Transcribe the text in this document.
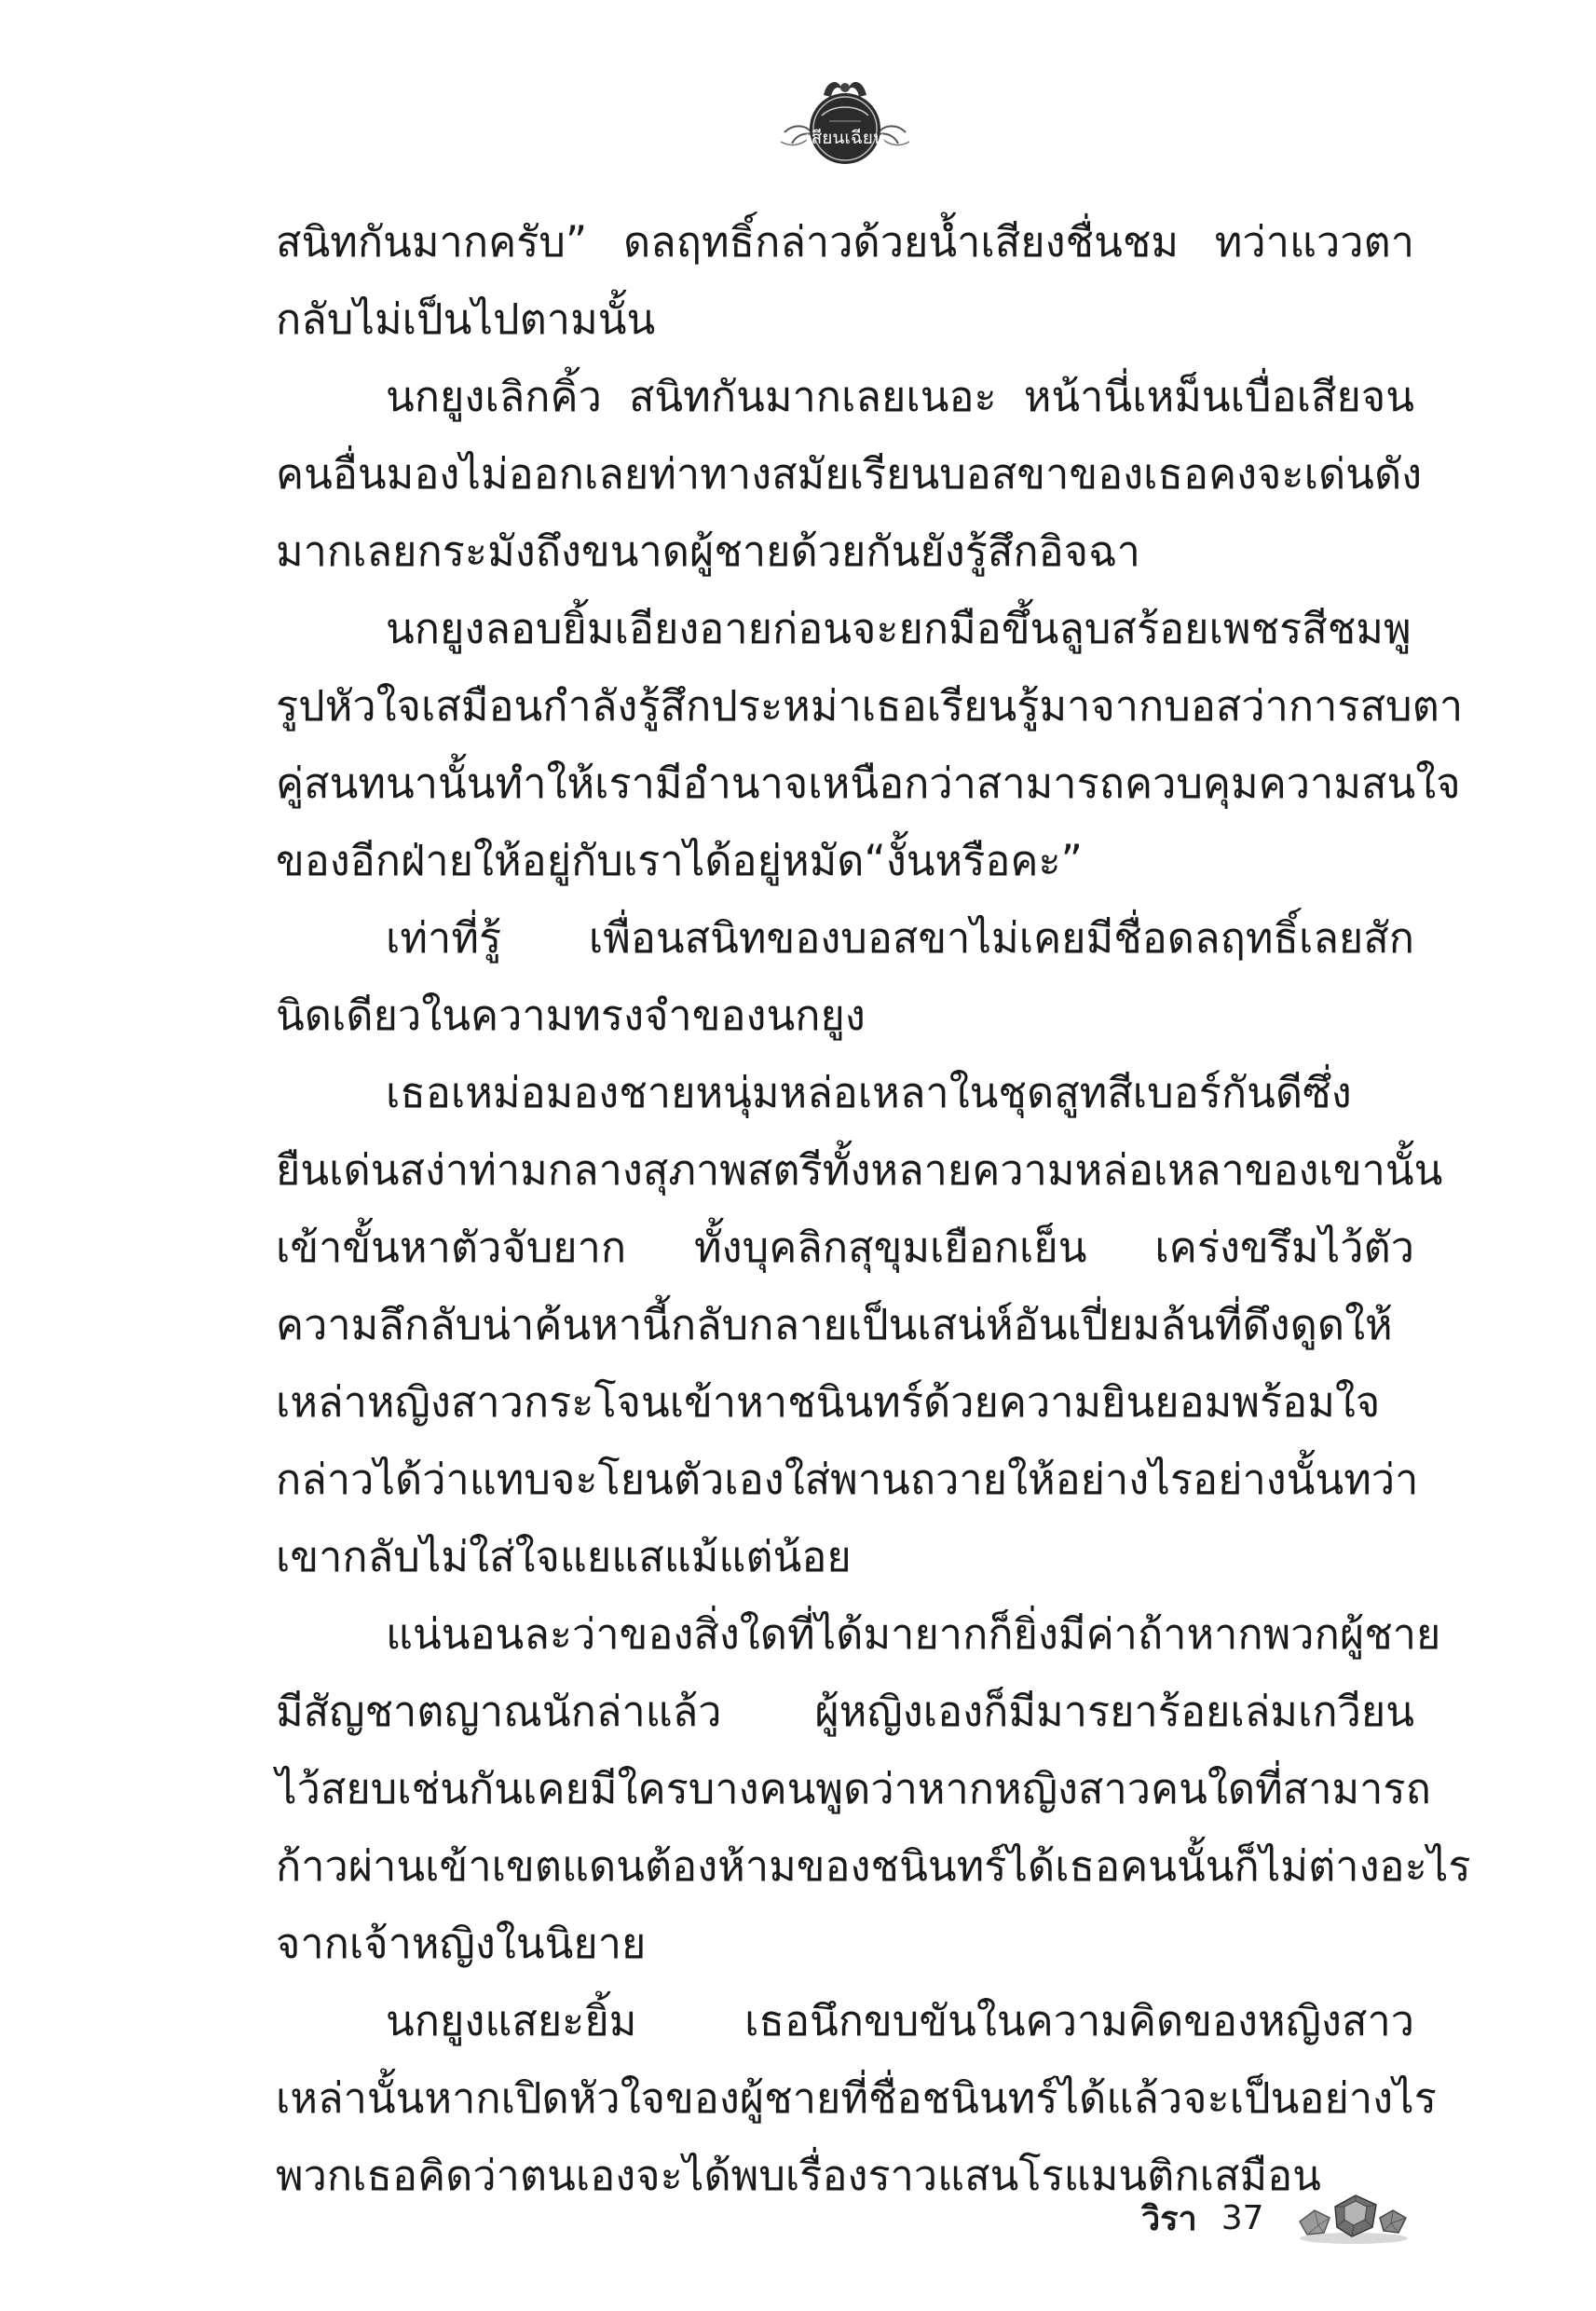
เสียนเฉียน
สนิทกันมากครับ” ดลฤทธิ์กล่าวด้วยน้ำเสียงชื่นชม ทว่าแววตา
กลับไม่เป็นไปตามนั้น
นกยูงเลิกคิ้ว สนิทกันมากเลยเนอะ หน้านี่เหม็นเบื่อเสียจน
คนอื่นมองไม่ออกเลย ท่าทางสมัยเรียนบอสขาของเธอคงจะเด่นดัง
มากเลยกระมัง ถึงขนาดผู้ชายด้วยกันยังรู้สึกอิจฉา
นกยูงลอบยิ้มเอียงอายก่อนจะยกมือขึ้นลูบสร้อยเพชรสีชมพู
รูปหัวใจเสมือนกำลังรู้สึกประหม่า เธอเรียนรู้มาจากบอสว่าการสบตา
คู่สนทนานั้นทำให้เรามีอำนาจเหนือกว่า สามารถควบคุมความสนใจ
ของอีกฝ่ายให้อยู่กับเราได้อยู่หมัด “งั้นหรือคะ”
เท่าที่รู้ เพื่อนสนิทของบอสขาไม่เคยมีชื่อดลฤทธิ์เลยสัก
นิดเดียวในความทรงจำของนกยูง
เธอเหม่อมองชายหนุ่มหล่อเหลาในชุดสูทสีเบอร์กันดีซึ่ง
ยืนเด่นสง่าท่ามกลางสุภาพสตรีทั้งหลาย ความหล่อเหลาของเขานั้น
เข้าขั้นหาตัวจับยาก ทั้งบุคลิกสุขุมเยือกเย็น เคร่งขรึมไว้ตัว
ความลึกลับน่าค้นหานี้กลับกลายเป็นเสน่ห์อันเปี่ยมล้นที่ดึงดูดให้
เหล่าหญิงสาวกระโจนเข้าหาชนินทร์ด้วยความยินยอมพร้อมใจ
กล่าวได้ว่าแทบจะโยนตัวเองใส่พานถวายให้อย่างไรอย่างนั้น ทว่า
เขากลับไม่ใส่ใจแยแสแม้แต่น้อย
แน่นอนละว่าของสิ่งใดที่ได้มายากก็ยิ่งมีค่า ถ้าหากพวกผู้ชาย
มีสัญชาตญาณนักล่าแล้ว ผู้หญิงเองก็มีมารยาร้อยเล่มเกวียน
ไว้สยบเช่นกัน เคยมีใครบางคนพูดว่า หากหญิงสาวคนใดที่สามารถ
ก้าวผ่านเข้าเขตแดนต้องห้ามของชนินทร์ได้ เธอคนนั้นก็ไม่ต่างอะไร
จากเจ้าหญิงในนิยาย
นกยูงแสยะยิ้ม	เธอนึกขบขันในความคิดของหญิงสาว
เหล่านั้น หากเปิดหัวใจของผู้ชายที่ชื่อชนินทร์ได้แล้วจะเป็นอย่างไร
พวกเธอคิดว่าตนเองจะได้พบเรื่องราวแสนโรแมนติกเสมือน
วิรา 37
